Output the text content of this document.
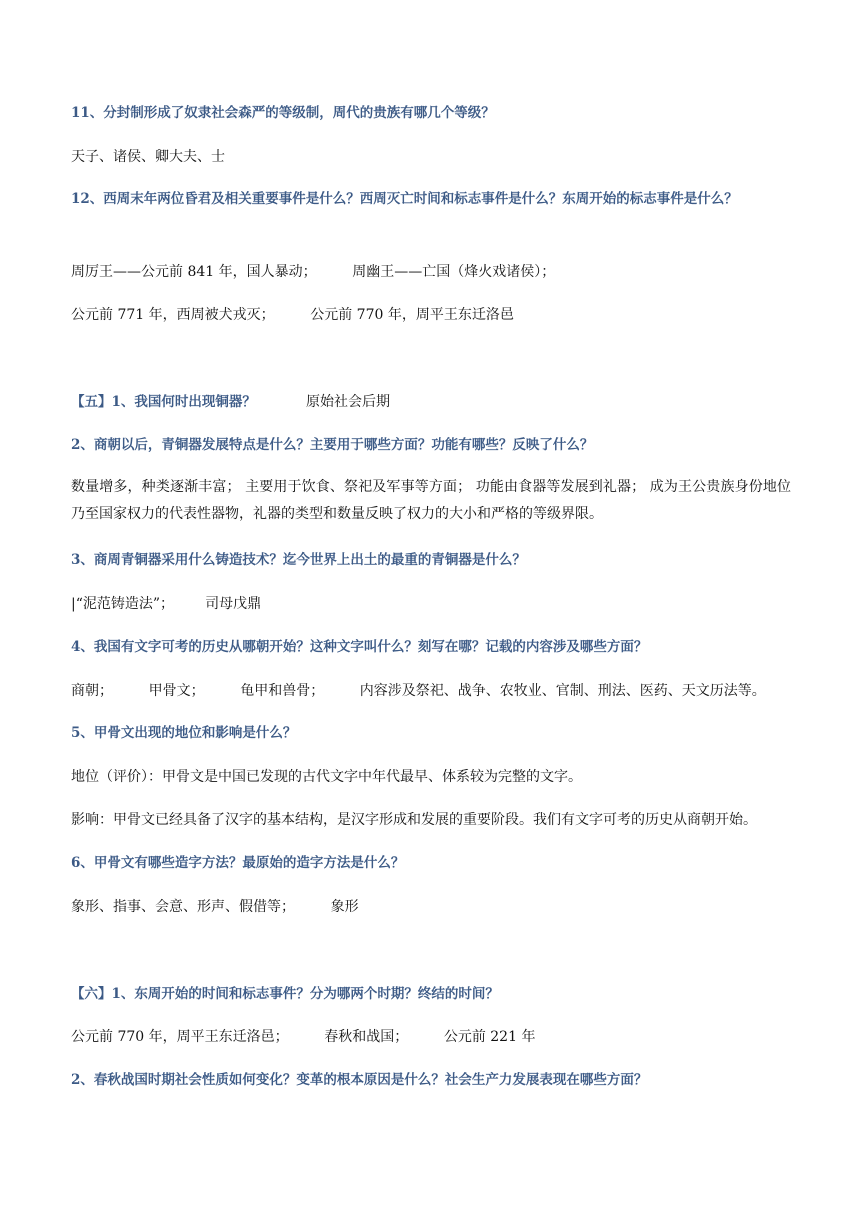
11、分封制形成了奴隶社会森严的等级制，周代的贵族有哪几个等级？
天子、诸侯、卿大夫、士
12、西周末年两位昏君及相关重要事件是什么？西周灭亡时间和标志事件是什么？东周开始的标志事件是什么？
周厉王——公元前 841 年，国人暴动；        周幽王——亡国（烽火戏诸侯）；
公元前 771 年，西周被犬戎灭；        公元前 770 年，周平王东迁洛邑
【五】1、我国何时出现铜器？	原始社会后期
2、商朝以后，青铜器发展特点是什么？主要用于哪些方面？功能有哪些？反映了什么？
数量增多，种类逐渐丰富； 主要用于饮食、祭祀及军事等方面； 功能由食器等发展到礼器； 成为王公贵族身份地位乃至国家权力的代表性器物，礼器的类型和数量反映了权力的大小和严格的等级界限。
3、商周青铜器采用什么铸造技术？迄今世界上出土的最重的青铜器是什么？
|“泥范铸造法”；       司母戊鼎
4、我国有文字可考的历史从哪朝开始？这种文字叫什么？刻写在哪？记载的内容涉及哪些方面？
商朝；        甲骨文；        龟甲和兽骨；        内容涉及祭祀、战争、农牧业、官制、刑法、医药、天文历法等。
5、甲骨文出现的地位和影响是什么？
地位（评价）：甲骨文是中国已发现的古代文字中年代最早、体系较为完整的文字。
影响：甲骨文已经具备了汉字的基本结构，是汉字形成和发展的重要阶段。我们有文字可考的历史从商朝开始。
6、甲骨文有哪些造字方法？最原始的造字方法是什么？
象形、指事、会意、形声、假借等；        象形
【六】1、东周开始的时间和标志事件？分为哪两个时期？终结的时间？
公元前 770 年，周平王东迁洛邑；        春秋和战国；        公元前 221 年
2、春秋战国时期社会性质如何变化？变革的根本原因是什么？社会生产力发展表现在哪些方面？
